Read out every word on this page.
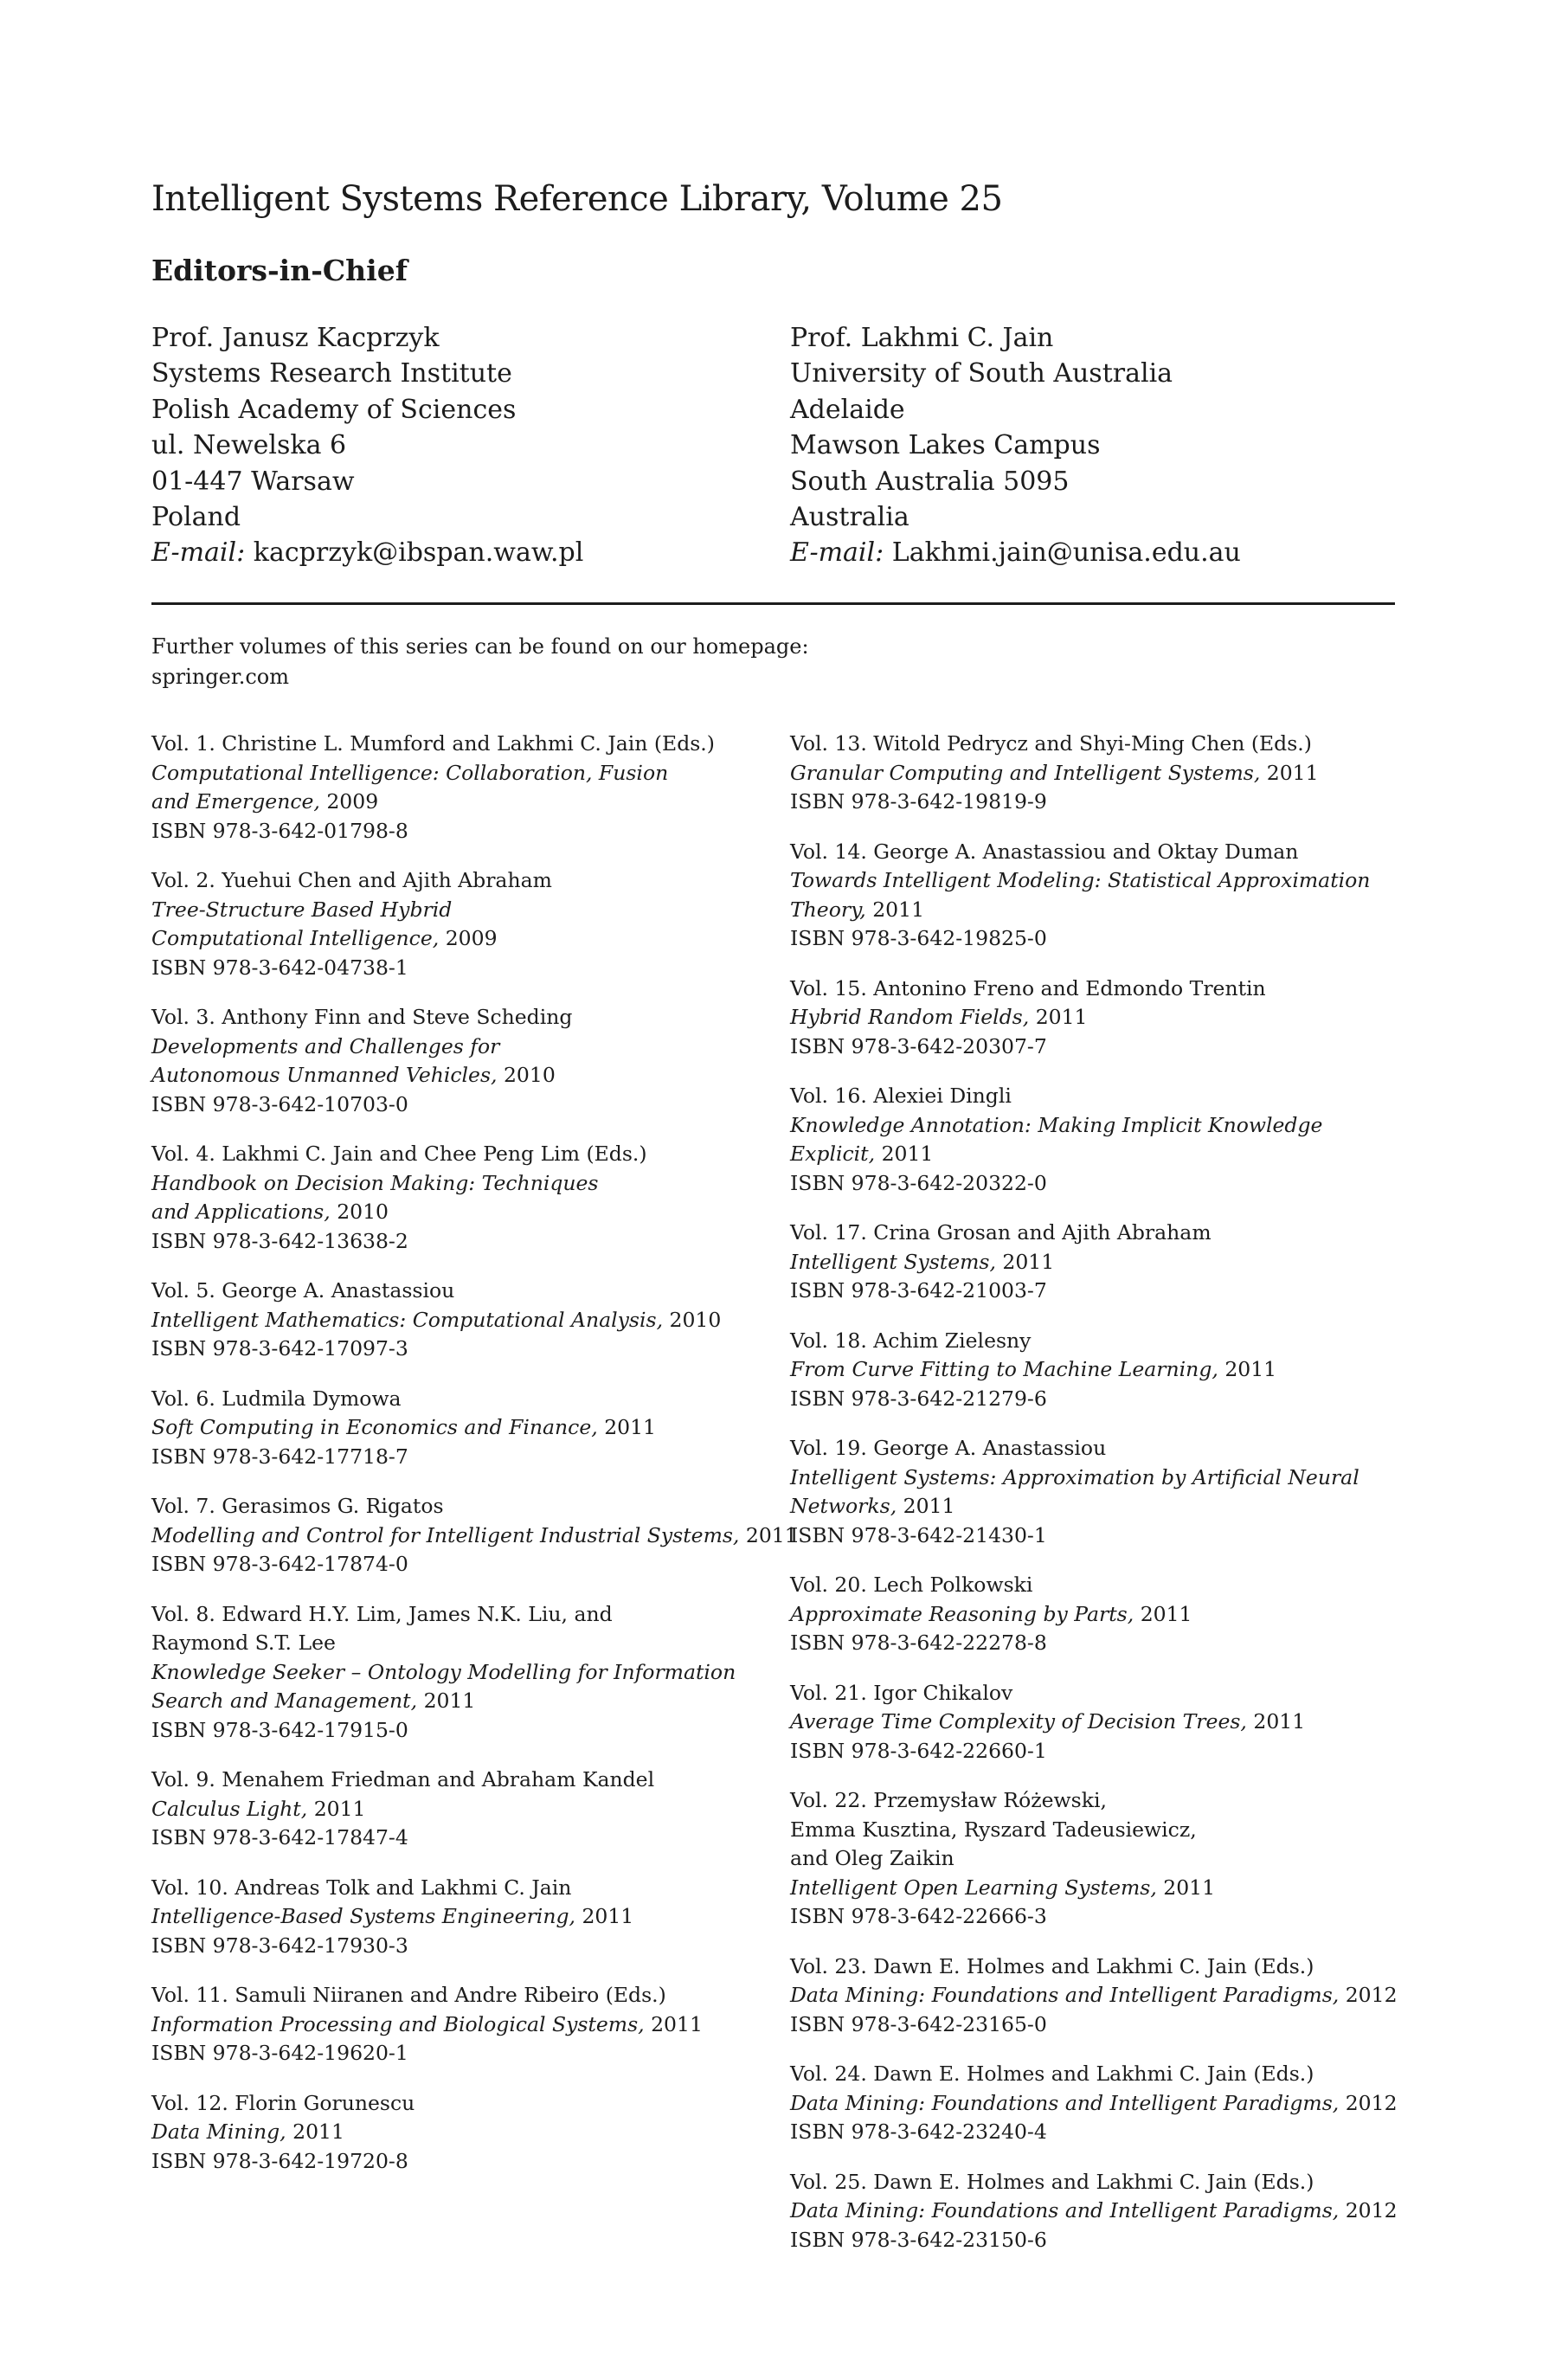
Intelligent Systems Reference Library, Volume 25
Editors-in-Chief
Prof. Janusz Kacprzyk
Systems Research Institute
Polish Academy of Sciences
ul. Newelska 6
01-447 Warsaw
Poland
E-mail: kacprzyk@ibspan.waw.pl
Prof. Lakhmi C. Jain
University of South Australia
Adelaide
Mawson Lakes Campus
South Australia 5095
Australia
E-mail: Lakhmi.jain@unisa.edu.au
Further volumes of this series can be found on our homepage:
springer.com
Vol. 1. Christine L. Mumford and Lakhmi C. Jain (Eds.)
Computational Intelligence: Collaboration, Fusion
and Emergence, 2009
ISBN 978-3-642-01798-8
Vol. 2. Yuehui Chen and Ajith Abraham
Tree-Structure Based Hybrid
Computational Intelligence, 2009
ISBN 978-3-642-04738-1
Vol. 3. Anthony Finn and Steve Scheding
Developments and Challenges for
Autonomous Unmanned Vehicles, 2010
ISBN 978-3-642-10703-0
Vol. 4. Lakhmi C. Jain and Chee Peng Lim (Eds.)
Handbook on Decision Making: Techniques
and Applications, 2010
ISBN 978-3-642-13638-2
Vol. 5. George A. Anastassiou
Intelligent Mathematics: Computational Analysis, 2010
ISBN 978-3-642-17097-3
Vol. 6. Ludmila Dymowa
Soft Computing in Economics and Finance, 2011
ISBN 978-3-642-17718-7
Vol. 7. Gerasimos G. Rigatos
Modelling and Control for Intelligent Industrial Systems, 2011
ISBN 978-3-642-17874-0
Vol. 8. Edward H.Y. Lim, James N.K. Liu, and
Raymond S.T. Lee
Knowledge Seeker – Ontology Modelling for Information
Search and Management, 2011
ISBN 978-3-642-17915-0
Vol. 9. Menahem Friedman and Abraham Kandel
Calculus Light, 2011
ISBN 978-3-642-17847-4
Vol. 10. Andreas Tolk and Lakhmi C. Jain
Intelligence-Based Systems Engineering, 2011
ISBN 978-3-642-17930-3
Vol. 11. Samuli Niiranen and Andre Ribeiro (Eds.)
Information Processing and Biological Systems, 2011
ISBN 978-3-642-19620-1
Vol. 12. Florin Gorunescu
Data Mining, 2011
ISBN 978-3-642-19720-8
Vol. 13. Witold Pedrycz and Shyi-Ming Chen (Eds.)
Granular Computing and Intelligent Systems, 2011
ISBN 978-3-642-19819-9
Vol. 14. George A. Anastassiou and Oktay Duman
Towards Intelligent Modeling: Statistical Approximation
Theory, 2011
ISBN 978-3-642-19825-0
Vol. 15. Antonino Freno and Edmondo Trentin
Hybrid Random Fields, 2011
ISBN 978-3-642-20307-7
Vol. 16. Alexiei Dingli
Knowledge Annotation: Making Implicit Knowledge
Explicit, 2011
ISBN 978-3-642-20322-0
Vol. 17. Crina Grosan and Ajith Abraham
Intelligent Systems, 2011
ISBN 978-3-642-21003-7
Vol. 18. Achim Zielesny
From Curve Fitting to Machine Learning, 2011
ISBN 978-3-642-21279-6
Vol. 19. George A. Anastassiou
Intelligent Systems: Approximation by Artificial Neural
Networks, 2011
ISBN 978-3-642-21430-1
Vol. 20. Lech Polkowski
Approximate Reasoning by Parts, 2011
ISBN 978-3-642-22278-8
Vol. 21. Igor Chikalov
Average Time Complexity of Decision Trees, 2011
ISBN 978-3-642-22660-1
Vol. 22. Przemysław Różewski,
Emma Kusztina, Ryszard Tadeusiewicz,
and Oleg Zaikin
Intelligent Open Learning Systems, 2011
ISBN 978-3-642-22666-3
Vol. 23. Dawn E. Holmes and Lakhmi C. Jain (Eds.)
Data Mining: Foundations and Intelligent Paradigms, 2012
ISBN 978-3-642-23165-0
Vol. 24. Dawn E. Holmes and Lakhmi C. Jain (Eds.)
Data Mining: Foundations and Intelligent Paradigms, 2012
ISBN 978-3-642-23240-4
Vol. 25. Dawn E. Holmes and Lakhmi C. Jain (Eds.)
Data Mining: Foundations and Intelligent Paradigms, 2012
ISBN 978-3-642-23150-6
